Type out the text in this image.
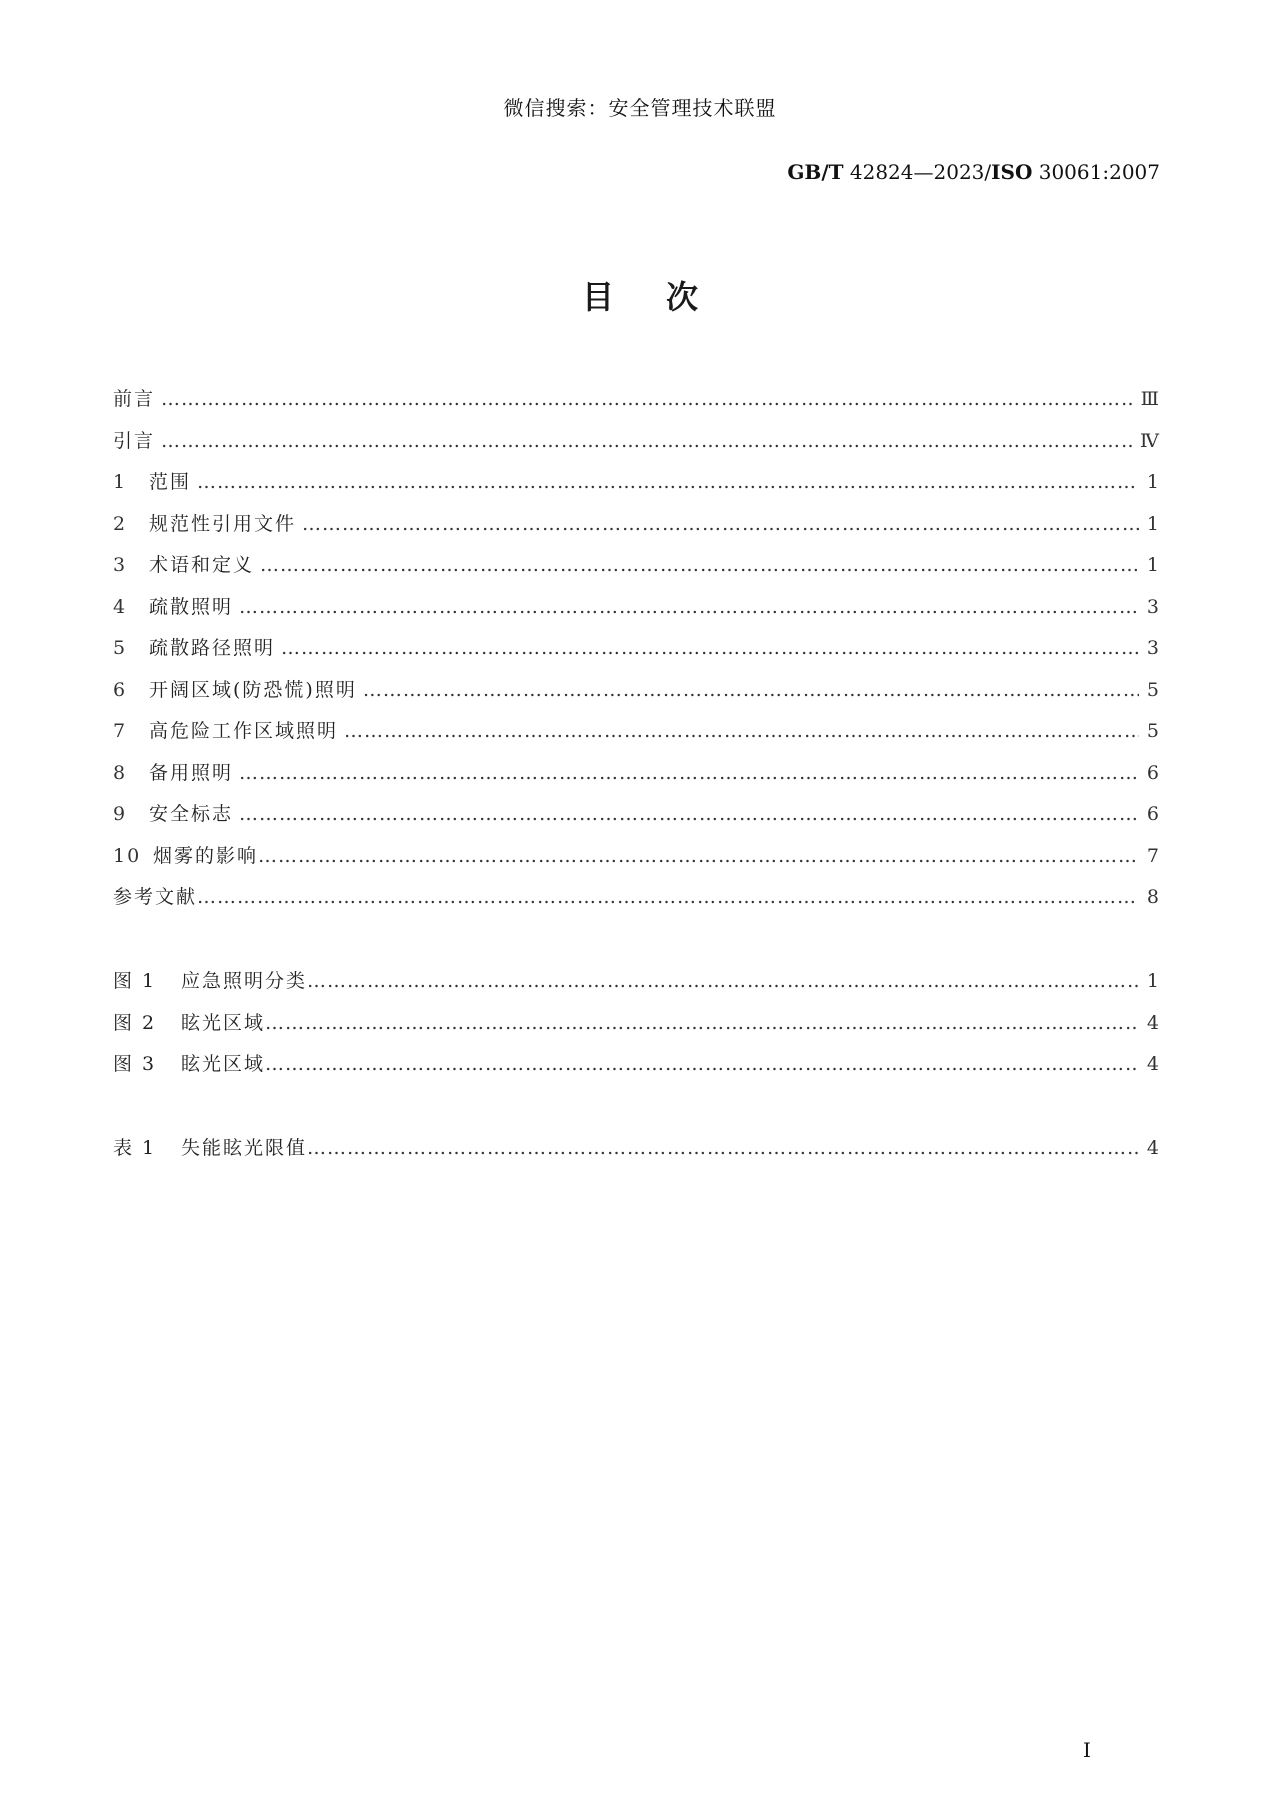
微信搜索：安全管理技术联盟
GB/T 42824—2023/ISO 30061:2007
目次
前言 ……………………………………………………………………………………………………………………………………………………………………………………………………	Ⅲ
引言 ……………………………………………………………………………………………………………………………………………………………………………………………………	Ⅳ
1	范围 ……………………………………………………………………………………………………………………………………………………………………………………………………	1
2	规范性引用文件 ……………………………………………………………………………………………………………………………………………………………………………………………………	1
3	术语和定义 ……………………………………………………………………………………………………………………………………………………………………………………………………	1
4	疏散照明 ……………………………………………………………………………………………………………………………………………………………………………………………………	3
5	疏散路径照明 ……………………………………………………………………………………………………………………………………………………………………………………………………	3
6	开阔区域(防恐慌)照明 ……………………………………………………………………………………………………………………………………………………………………………………………………	5
7	高危险工作区域照明 ……………………………………………………………………………………………………………………………………………………………………………………………………	5
8	备用照明 ……………………………………………………………………………………………………………………………………………………………………………………………………	6
9	安全标志 ……………………………………………………………………………………………………………………………………………………………………………………………………	6
10 烟雾的影响 ……………………………………………………………………………………………………………………………………………………………………………………………………	7
参考文献 ……………………………………………………………………………………………………………………………………………………………………………………………………	8
图 1	应急照明分类 ……………………………………………………………………………………………………………………………………………………………………………………………………	1
图 2	眩光区域 ……………………………………………………………………………………………………………………………………………………………………………………………………	4
图 3	眩光区域 ……………………………………………………………………………………………………………………………………………………………………………………………………	4
表 1	失能眩光限值 ……………………………………………………………………………………………………………………………………………………………………………………………………	4
I
